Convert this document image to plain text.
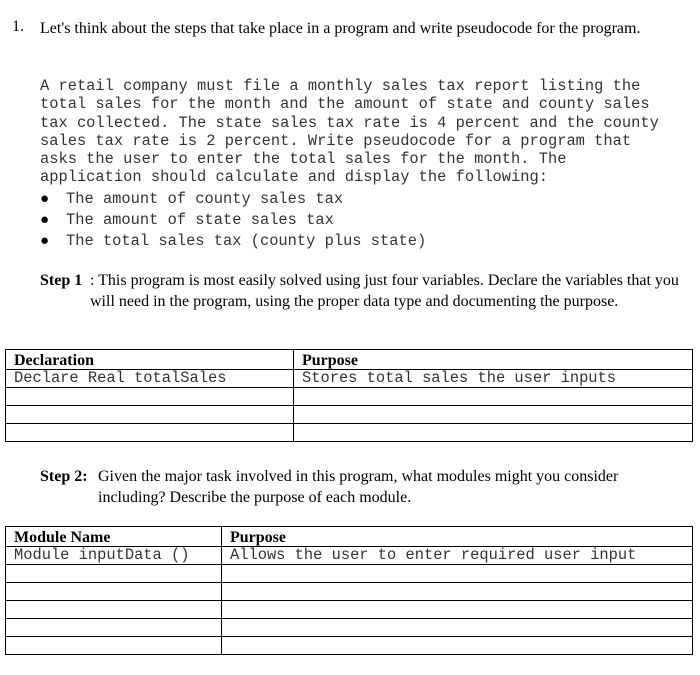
1. Let's think about the steps that take place in a program and write pseudocode for the program.
A retail company must file a monthly sales tax report listing the
total sales for the month and the amount of state and county sales
tax collected. The state sales tax rate is 4 percent and the county
sales tax rate is 2 percent. Write pseudocode for a program that
asks the user to enter the total sales for the month. The
application should calculate and display the following:
● The amount of county sales tax
● The amount of state sales tax
● The total sales tax (county plus state)
Step 1 : This program is most easily solved using just four variables. Declare the variables that you will need in the program, using the proper data type and documenting the purpose.
Declaration	Purpose
Declare Real totalSales	Stores total sales the user inputs

Step 2: Given the major task involved in this program, what modules might you consider including? Describe the purpose of each module.
Module Name	Purpose
Module inputData ()	Allows the user to enter required user input
